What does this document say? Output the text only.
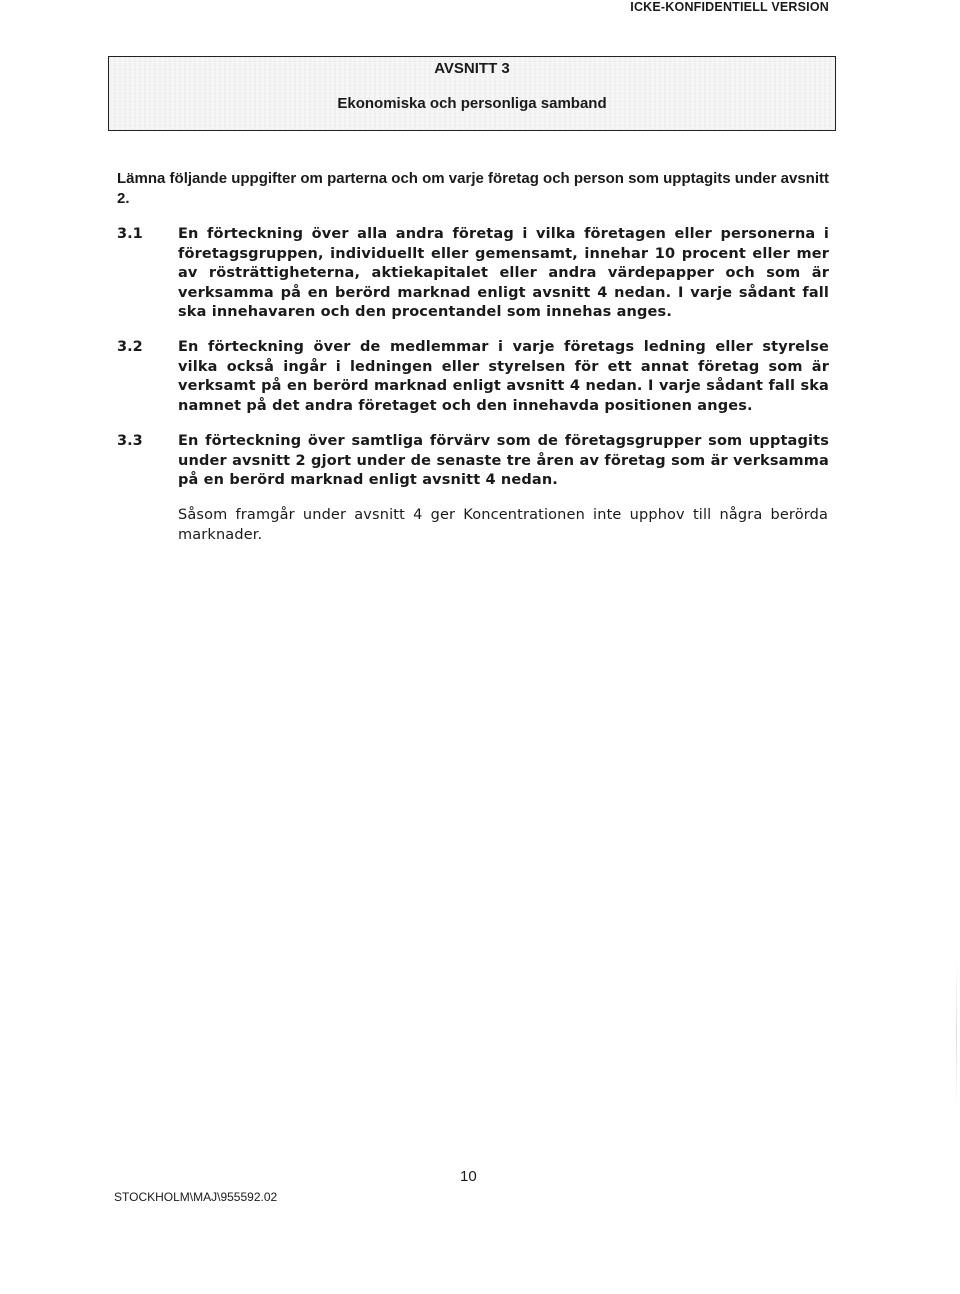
ICKE-KONFIDENTIELL VERSION
AVSNITT 3
Ekonomiska och personliga samband

Lämna följande uppgifter om parterna och om varje företag och person som upptagits under avsnitt 2.

3.1 En förteckning över alla andra företag i vilka företagen eller personerna i företagsgruppen, individuellt eller gemensamt, innehar 10 procent eller mer av rösträttigheterna, aktiekapitalet eller andra värdepapper och som är verksamma på en berörd marknad enligt avsnitt 4 nedan. I varje sådant fall ska innehavaren och den procentandel som innehas anges.

3.2 En förteckning över de medlemmar i varje företags ledning eller styrelse vilka också ingår i ledningen eller styrelsen för ett annat företag som är verksamt på en berörd marknad enligt avsnitt 4 nedan. I varje sådant fall ska namnet på det andra företaget och den innehavda positionen anges.

3.3 En förteckning över samtliga förvärv som de företagsgrupper som upptagits under avsnitt 2 gjort under de senaste tre åren av företag som är verksamma på en berörd marknad enligt avsnitt 4 nedan.

Såsom framgår under avsnitt 4 ger Koncentrationen inte upphov till några berörda marknader.

10
STOCKHOLM\MAJ\955592.02
